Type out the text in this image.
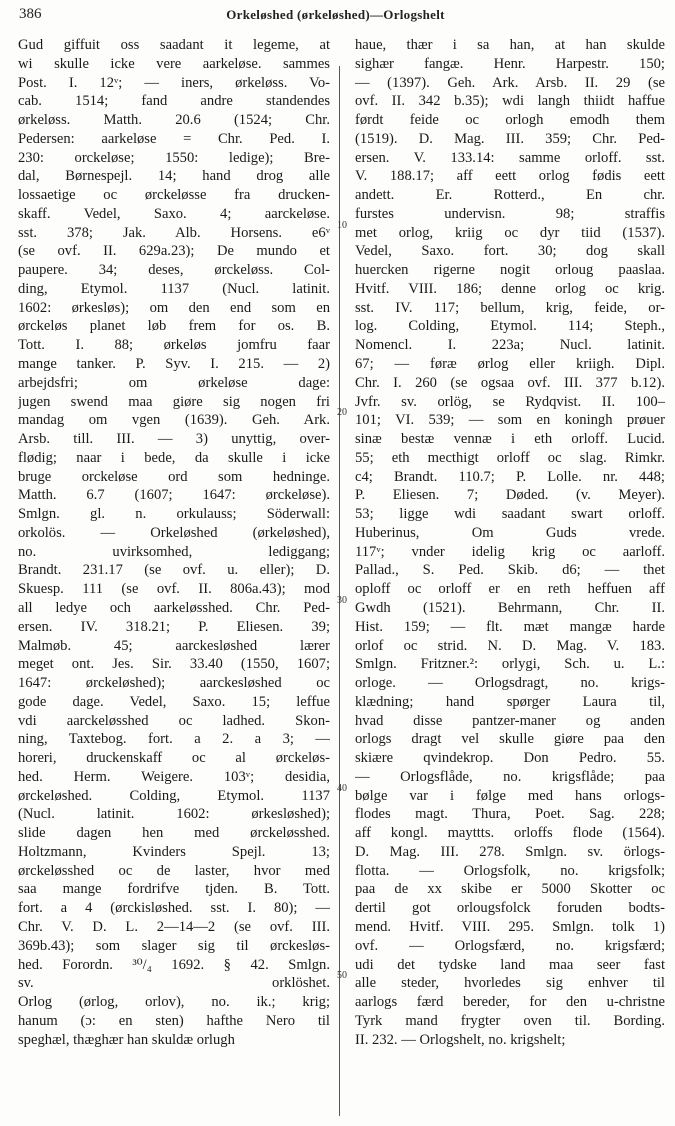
386	Orkeløshed (ørkeløshed)—Orlogshelt
10
20
30
40
50
Gud giffuit oss saadant it legeme, at
wi skulle icke vere aarkeløse. sammes
Post. I. 12ᵛ; — iners, ørkeløss. Vo-
cab. 1514; fand andre standendes
ørkeløss. Matth. 20.6 (1524; Chr.
Pedersen: aarkeløse = Chr. Ped. I.
230: orckeløse; 1550: ledige); Bre-
dal, Børnespejl. 14; hand drog alle
lossaetige oc ørckeløsse fra drucken-
skaff. Vedel, Saxo. 4; aarckeløse.
sst. 378; Jak. Alb. Horsens. e6ᵛ
(se ovf. II. 629a.23); De mundo et
paupere. 34; deses, ørckeløss. Col-
ding, Etymol. 1137 (Nucl. latinit.
1602: ørkesløs); om den end som en
ørckeløs planet løb frem for os. B.
Tott. I. 88; ørkeløs jomfru faar
mange tanker. P. Syv. I. 215. — 2)
arbejdsfri; om ørkeløse dage:
jugen swend maa giøre sig nogen fri
mandag om vgen (1639). Geh. Ark.
Arsb. till. III. — 3) unyttig, over-
flødig; naar i bede, da skulle i icke
bruge orckeløse ord som hedninge.
Matth. 6.7 (1607; 1647: ørckeløse).
Smlgn. gl. n. orkulauss; Söderwall:
orkolös. — Orkeløshed (ørkeløshed),
no. uvirksomhed, lediggang;
Brandt. 231.17 (se ovf. u. eller); D.
Skuesp. 111 (se ovf. II. 806a.43); mod
all ledye och aarkeløsshed. Chr. Ped-
ersen. IV. 318.21; P. Eliesen. 39;
Malmøb. 45; aarckesløshed lærer
meget ont. Jes. Sir. 33.40 (1550, 1607;
1647: ørckeløshed); aarckesløshed oc
gode dage. Vedel, Saxo. 15; leffue
vdi aarckeløsshed oc ladhed. Skon-
ning, Taxtebog. fort. a 2. a 3; —
horeri, druckenskaff oc al ørckeløs-
hed. Herm. Weigere. 103ᵛ; desidia,
ørckeløshed. Colding, Etymol. 1137
(Nucl. latinit. 1602: ørkesløshed);
slide dagen hen med ørckeløsshed.
Holtzmann, Kvinders Spejl. 13;
ørckeløsshed oc de laster, hvor med
saa mange fordrifve tjden. B. Tott.
fort. a 4 (ørckisløshed. sst. I. 80); —
Chr. V. D. L. 2—14—2 (se ovf. III.
369b.43); som slager sig til ørckesløs-
hed. Forordn. ³⁰/₄ 1692. § 42. Smlgn.
sv. orklöshet.
Orlog (ørlog, orlov), no. ik.; krig;
hanum (ɔ: en sten) hafthe Nero til
speghæl, thæghær han skuldæ orlugh
haue, thær i sa han, at han skulde
sighær fangæ. Henr. Harpestr. 150;
— (1397). Geh. Ark. Arsb. II. 29 (se
ovf. II. 342 b.35); wdi langh thiidt haffue
førdt feide oc orlogh emodh them
(1519). D. Mag. III. 359; Chr. Ped-
ersen. V. 133.14: samme orloff. sst.
V. 188.17; aff eett orlog fødis eett
andett. Er. Rotterd., En chr.
furstes undervisn. 98; straffis
met orlog, kriig oc dyr tiid (1537).
Vedel, Saxo. fort. 30; dog skall
huercken rigerne nogit orloug paaslaa.
Hvitf. VIII. 186; denne orlog oc krig.
sst. IV. 117; bellum, krig, feide, or-
log. Colding, Etymol. 114; Steph.,
Nomencl. I. 223a; Nucl. latinit.
67; — føræ ørlog eller kriigh. Dipl.
Chr. I. 260 (se ogsaa ovf. III. 377 b.12).
Jvfr. sv. orlög, se Rydqvist. II. 100–
101; VI. 539; — som en koningh prøuer
sinæ bestæ vennæ i eth orloff. Lucid.
55; eth mecthigt orloff oc slag. Rimkr.
c4; Brandt. 110.7; P. Lolle. nr. 448;
P. Eliesen. 7; Døded. (v. Meyer).
53; ligge wdi saadant swart orloff.
Huberinus, Om Guds vrede.
117ᵛ; vnder idelig krig oc aarloff.
Pallad., S. Ped. Skib. d6; — thet
oploff oc orloff er en reth heffuen aff
Gwdh (1521). Behrmann, Chr. II.
Hist. 159; — flt. mæt mangæ harde
orlof oc strid. N. D. Mag. V. 183.
Smlgn. Fritzner.²: orlygi, Sch. u. L.:
orloge. — Orlogsdragt, no. krigs-
klædning; hand spørger Laura til,
hvad disse pantzer-maner og anden
orlogs dragt vel skulle giøre paa den
skiære qvindekrop. Don Pedro. 55.
— Orlogsflåde, no. krigsflåde; paa
bølge var i følge med hans orlogs-
flodes magt. Thura, Poet. Sag. 228;
aff kongl. mayttts. orloffs flode (1564).
D. Mag. III. 278. Smlgn. sv. örlogs-
flotta. — Orlogsfolk, no. krigsfolk;
paa de xx skibe er 5000 Skotter oc
dertil got orlougsfolck foruden bodts-
mend. Hvitf. VIII. 295. Smlgn. tolk 1)
ovf. — Orlogsfærd, no. krigsfærd;
udi det tydske land maa seer fast
alle steder, hvorledes sig enhver til
aarlogs færd bereder, for den u-christne
Tyrk mand frygter oven til. Bording.
II. 232. — Orlogshelt, no. krigshelt;
